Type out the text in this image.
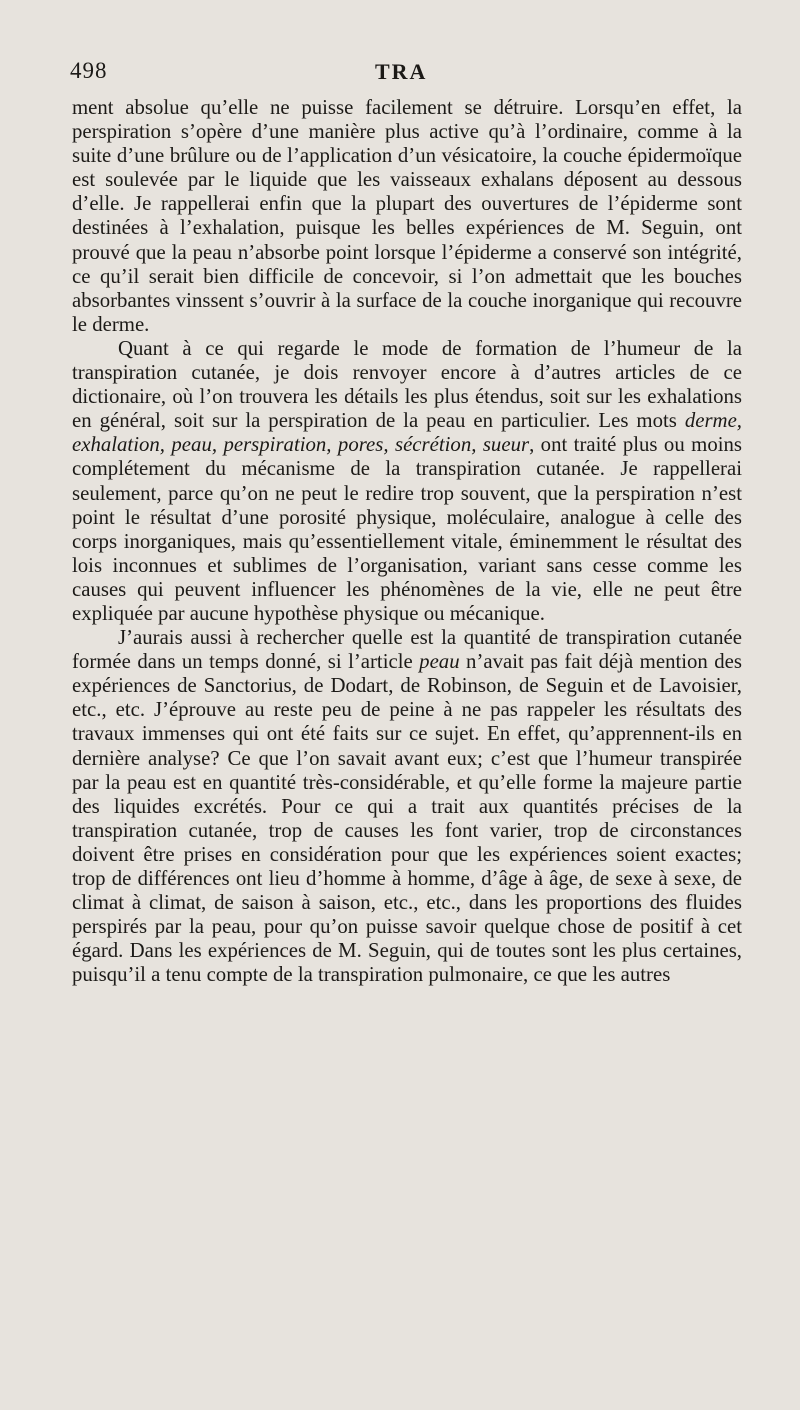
498	TRA

ment absolue qu’elle ne puisse facilement se détruire. Lorsqu’en effet, la perspiration s’opère d’une manière plus active qu’à l’ordinaire, comme à la suite d’une brûlure ou de l’application d’un vésicatoire, la couche épidermoïque est soulevée par le liquide que les vaisseaux exhalans déposent au dessous d’elle. Je rappellerai enfin que la plupart des ouvertures de l’épiderme sont destinées à l’exhalation, puisque les belles expériences de M. Seguin, ont prouvé que la peau n’absorbe point lorsque l’épiderme a conservé son intégrité, ce qu’il serait bien difficile de concevoir, si l’on admettait que les bouches absorbantes vinssent s’ouvrir à la surface de la couche inorganique qui recouvre le derme.

Quant à ce qui regarde le mode de formation de l’humeur de la transpiration cutanée, je dois renvoyer encore à d’autres articles de ce dictionaire, où l’on trouvera les détails les plus étendus, soit sur les exhalations en général, soit sur la perspiration de la peau en particulier. Les mots derme, exhalation, peau, perspiration, pores, sécrétion, sueur, ont traité plus ou moins complétement du mécanisme de la transpiration cutanée. Je rappellerai seulement, parce qu’on ne peut le redire trop souvent, que la perspiration n’est point le résultat d’une porosité physique, moléculaire, analogue à celle des corps inorganiques, mais qu’essentiellement vitale, éminemment le résultat des lois inconnues et sublimes de l’organisation, variant sans cesse comme les causes qui peuvent influencer les phénomènes de la vie, elle ne peut être expliquée par aucune hypothèse physique ou mécanique.

J’aurais aussi à rechercher quelle est la quantité de transpiration cutanée formée dans un temps donné, si l’article peau n’avait pas fait déjà mention des expériences de Sanctorius, de Dodart, de Robinson, de Seguin et de Lavoisier, etc., etc. J’éprouve au reste peu de peine à ne pas rappeler les résultats des travaux immenses qui ont été faits sur ce sujet. En effet, qu’apprennent-ils en dernière analyse? Ce que l’on savait avant eux; c’est que l’humeur transpirée par la peau est en quantité très-considérable, et qu’elle forme la majeure partie des liquides excrétés. Pour ce qui a trait aux quantités précises de la transpiration cutanée, trop de causes les font varier, trop de circonstances doivent être prises en considération pour que les expériences soient exactes; trop de différences ont lieu d’homme à homme, d’âge à âge, de sexe à sexe, de climat à climat, de saison à saison, etc., etc., dans les proportions des fluides perspirés par la peau, pour qu’on puisse savoir quelque chose de positif à cet égard. Dans les expériences de M. Seguin, qui de toutes sont les plus certaines, puisqu’il a tenu compte de la transpiration pulmonaire, ce que les autres
